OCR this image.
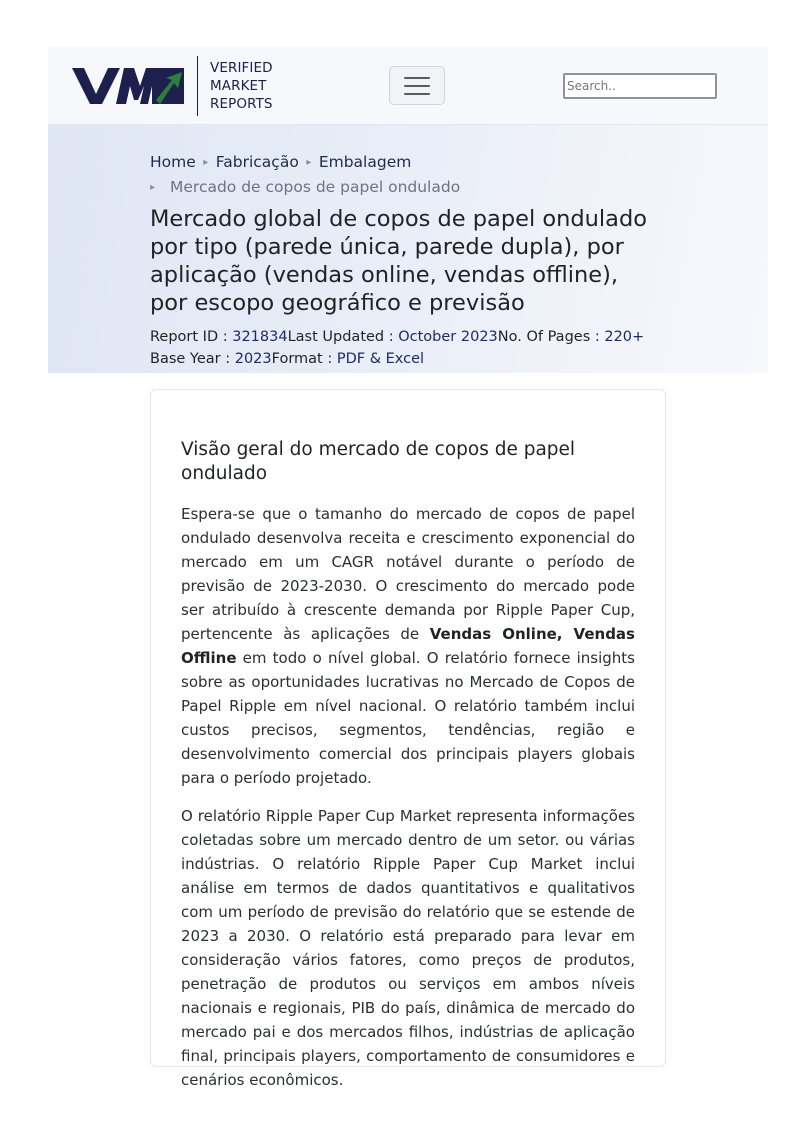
VERIFIED
MARKET
REPORTS
Search..
Home ▸ Fabricação ▸ Embalagem
▸ Mercado de copos de papel ondulado
Mercado global de copos de papel ondulado por tipo (parede única, parede dupla), por aplicação (vendas online, vendas offline), por escopo geográfico e previsão
Report ID : 321834Last Updated : October 2023No. Of Pages : 220+
Base Year : 2023Format : PDF & Excel
Visão geral do mercado de copos de papel ondulado

Espera-se que o tamanho do mercado de copos de papel ondulado desenvolva receita e crescimento exponencial do mercado em um CAGR notável durante o período de previsão de 2023-2030. O crescimento do mercado pode ser atribuído à crescente demanda por Ripple Paper Cup, pertencente às aplicações de Vendas Online, Vendas Offline em todo o nível global. O relatório fornece insights sobre as oportunidades lucrativas no Mercado de Copos de Papel Ripple em nível nacional. O relatório também inclui custos precisos, segmentos, tendências, região e desenvolvimento comercial dos principais players globais para o período projetado.

O relatório Ripple Paper Cup Market representa informações coletadas sobre um mercado dentro de um setor. ou várias indústrias. O relatório Ripple Paper Cup Market inclui análise em termos de dados quantitativos e qualitativos com um período de previsão do relatório que se estende de 2023 a 2030. O relatório está preparado para levar em consideração vários fatores, como preços de produtos, penetração de produtos ou serviços em ambos níveis nacionais e regionais, PIB do país, dinâmica de mercado do mercado pai e dos mercados filhos, indústrias de aplicação final, principais players, comportamento de consumidores e cenários econômicos.
